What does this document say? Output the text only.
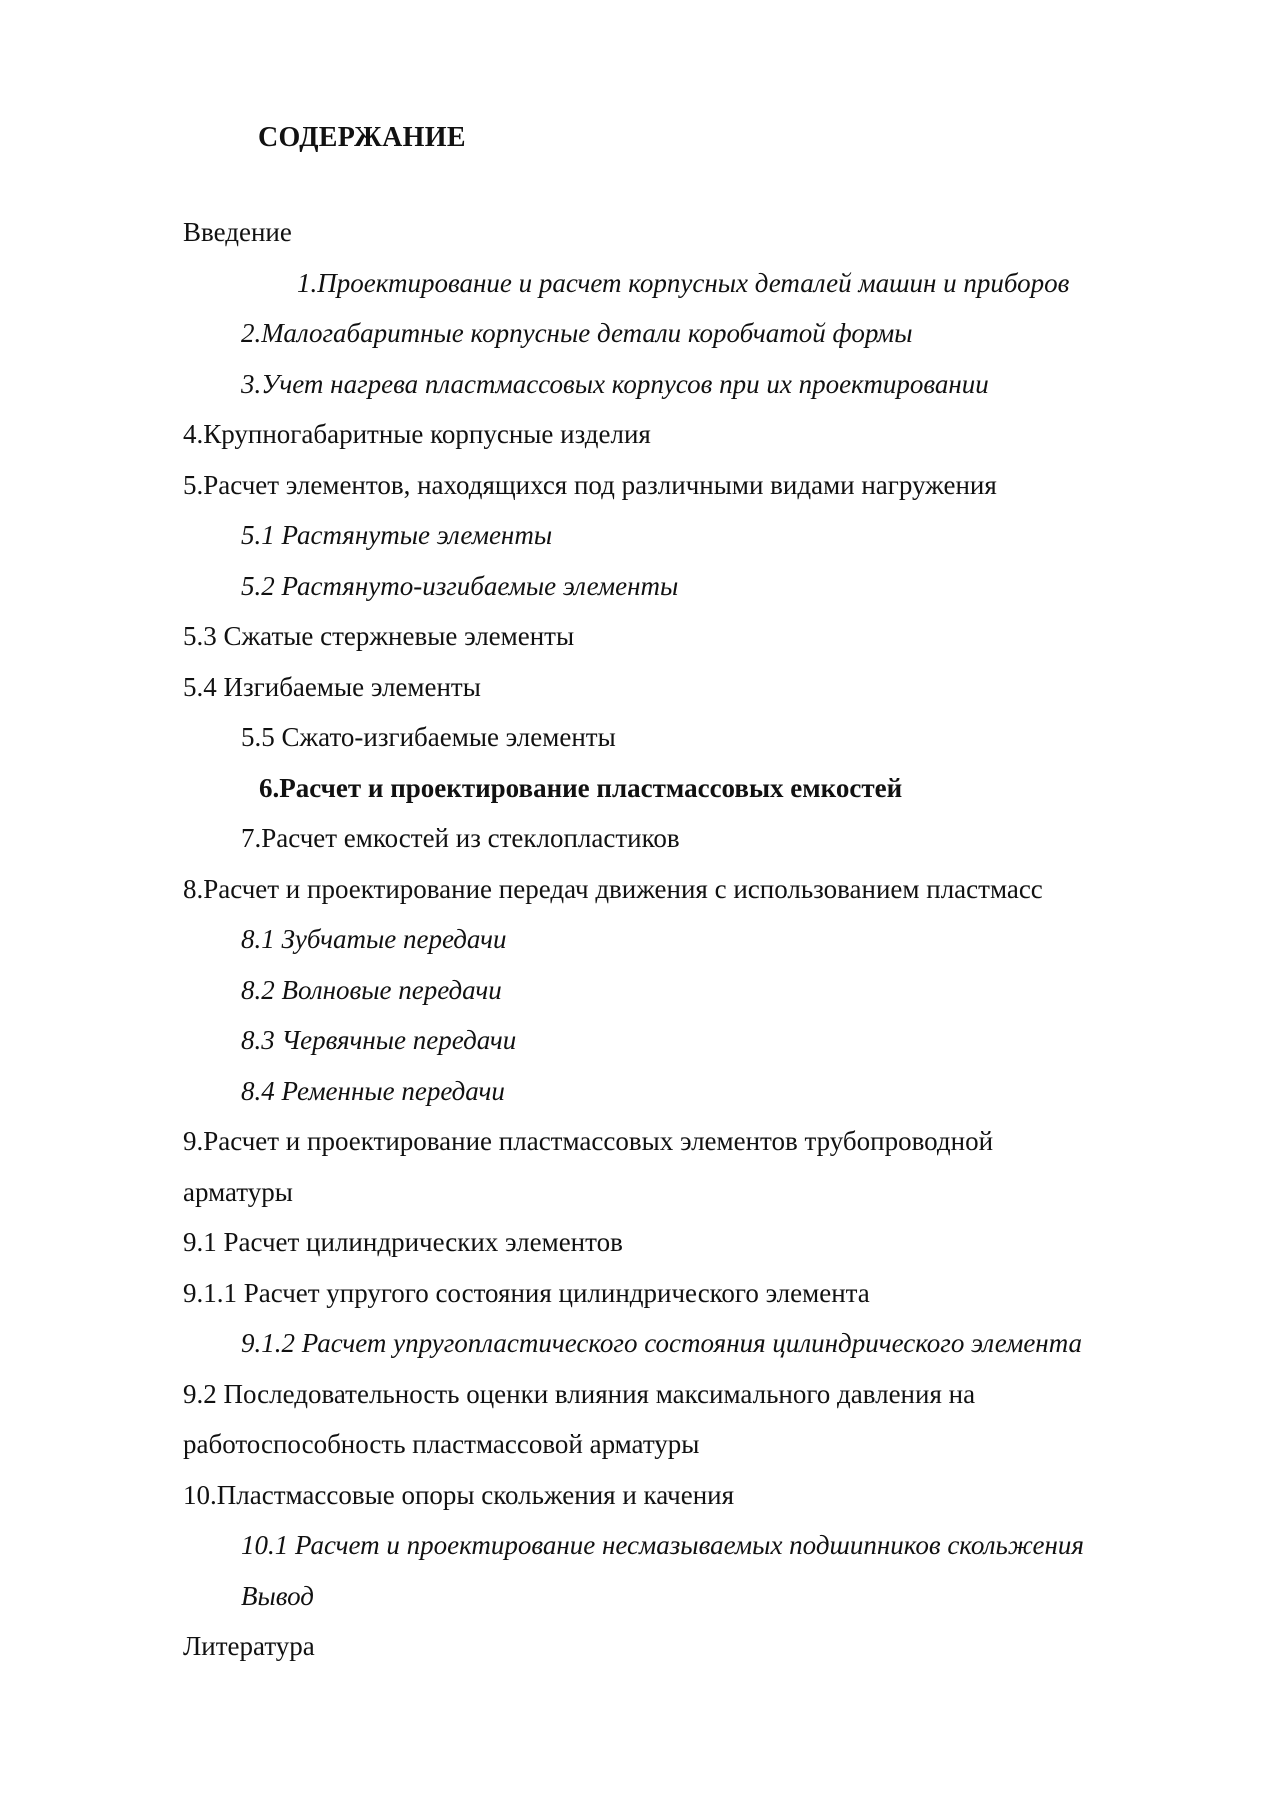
СОДЕРЖАНИЕ
Введение
1.Проектирование и расчет корпусных деталей машин и приборов
2.Малогабаритные корпусные детали коробчатой формы
3.Учет нагрева пластмассовых корпусов при их проектировании
4.Крупногабаритные корпусные изделия
5.Расчет элементов, находящихся под различными видами нагружения
5.1 Растянутые элементы
5.2 Растянуто-изгибаемые элементы
5.3 Сжатые стержневые элементы
5.4 Изгибаемые элементы
5.5 Сжато-изгибаемые элементы
6.Расчет и проектирование пластмассовых емкостей
7.Расчет емкостей из стеклопластиков
8.Расчет и проектирование передач движения с использованием пластмасс
8.1 Зубчатые передачи
8.2 Волновые передачи
8.3 Червячные передачи
8.4 Ременные передачи
9.Расчет и проектирование пластмассовых элементов трубопроводной
арматуры
9.1 Расчет цилиндрических элементов
9.1.1 Расчет упругого состояния цилиндрического элемента
9.1.2 Расчет упругопластического состояния цилиндрического элемента
9.2 Последовательность оценки влияния максимального давления на
работоспособность пластмассовой арматуры
10.Пластмассовые опоры скольжения и качения
10.1 Расчет и проектирование несмазываемых подшипников скольжения
Вывод
Литература
